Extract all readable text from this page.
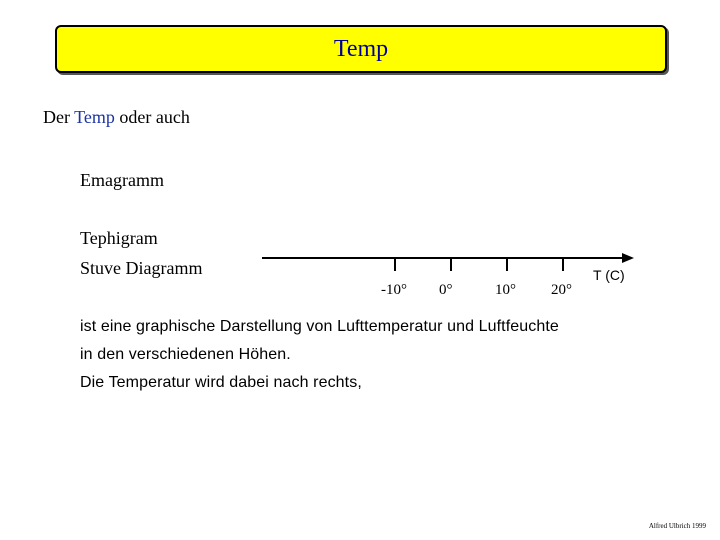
Temp
Der Temp oder auch
Emagramm
Tephigram
Stuve Diagramm
-10° 0°	10° 20°
T (C)
ist eine graphische Darstellung von Lufttemperatur und Luftfeuchte
in den verschiedenen Höhen.
Die Temperatur wird dabei nach rechts,
Alfred Ulbrich 1999
